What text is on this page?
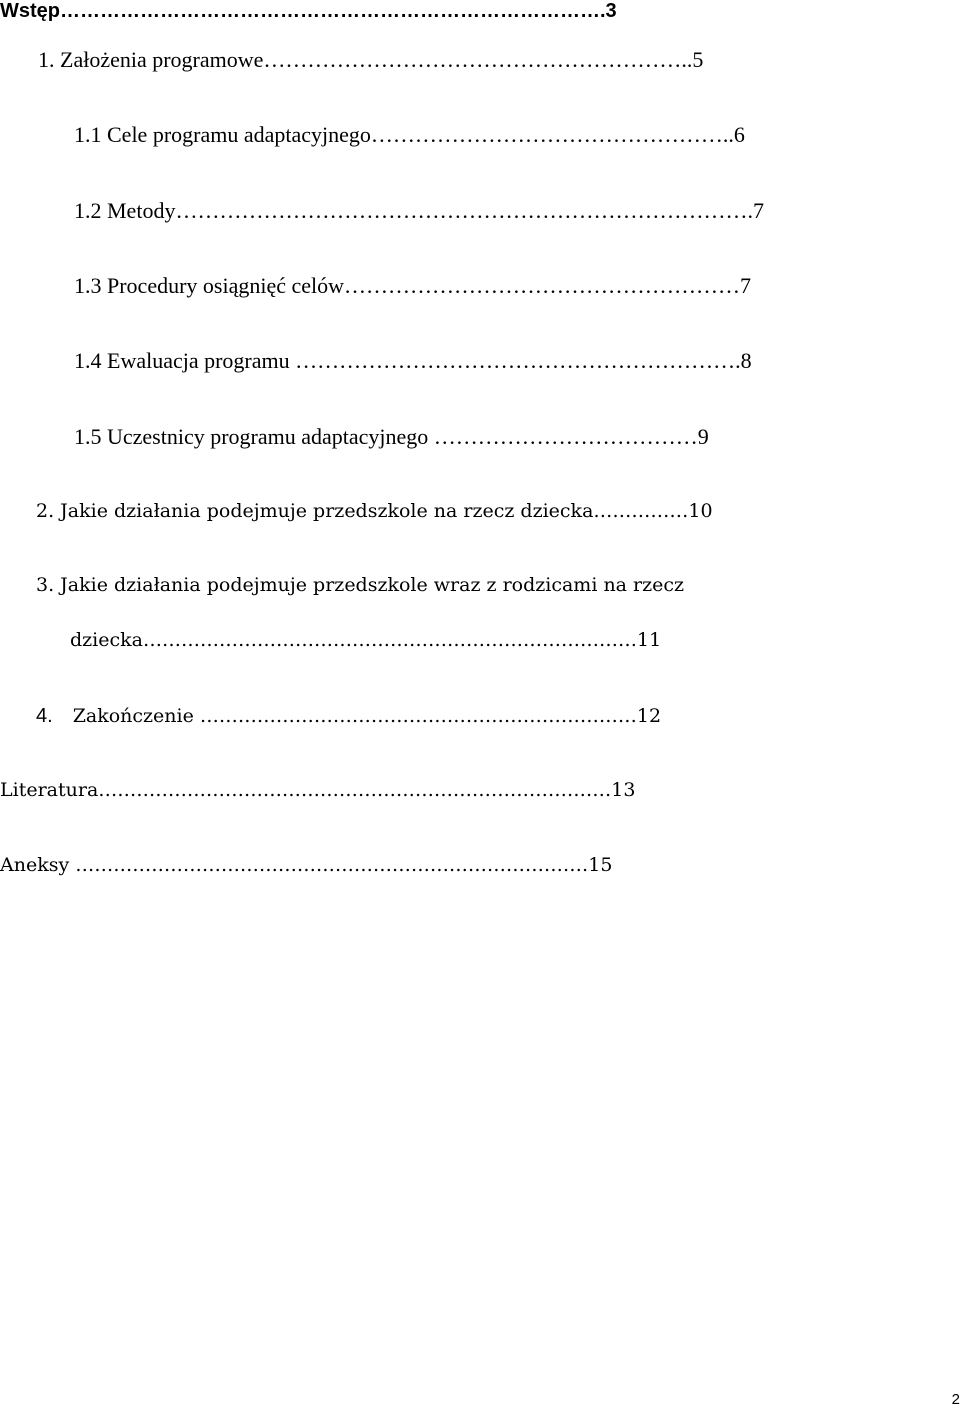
Wstęp……………………………………………………………………….3
1. Założenia programowe…………………………………………………..5
1.1 Cele programu adaptacyjnego…………………………………………..6
1.2 Metody…………………………………………………………………….7
1.3 Procedury osiągnięć celów………………………………………………7
1.4 Ewaluacja programu …………………………………………………….8
1.5 Uczestnicy programu adaptacyjnego ………………………………9
2. Jakie działania podejmuje przedszkole na rzecz dziecka……………10
3. Jakie działania podejmuje przedszkole wraz z rodzicami na rzecz
dziecka……………………………………………………………………11
4. Zakończenie ……………………………………………………………12
Literatura………………………………………………………………………13
Aneksy ………………………………………………………………………15
2
